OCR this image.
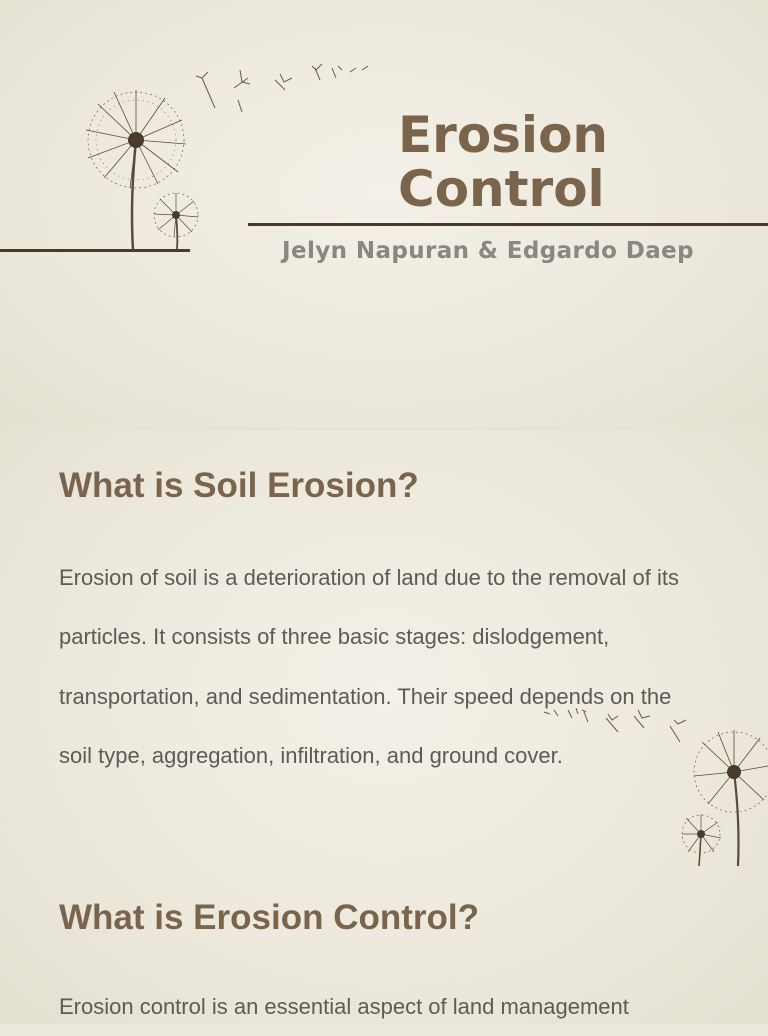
Erosion Control
Jelyn Napuran & Edgardo Daep
What is Soil Erosion?

Erosion of soil is a deterioration of land due to the removal of its particles. It consists of three basic stages: dislodgement, transportation, and sedimentation. Their speed depends on the soil type, aggregation, infiltration, and ground cover.

What is Erosion Control?

Erosion control is an essential aspect of land management
